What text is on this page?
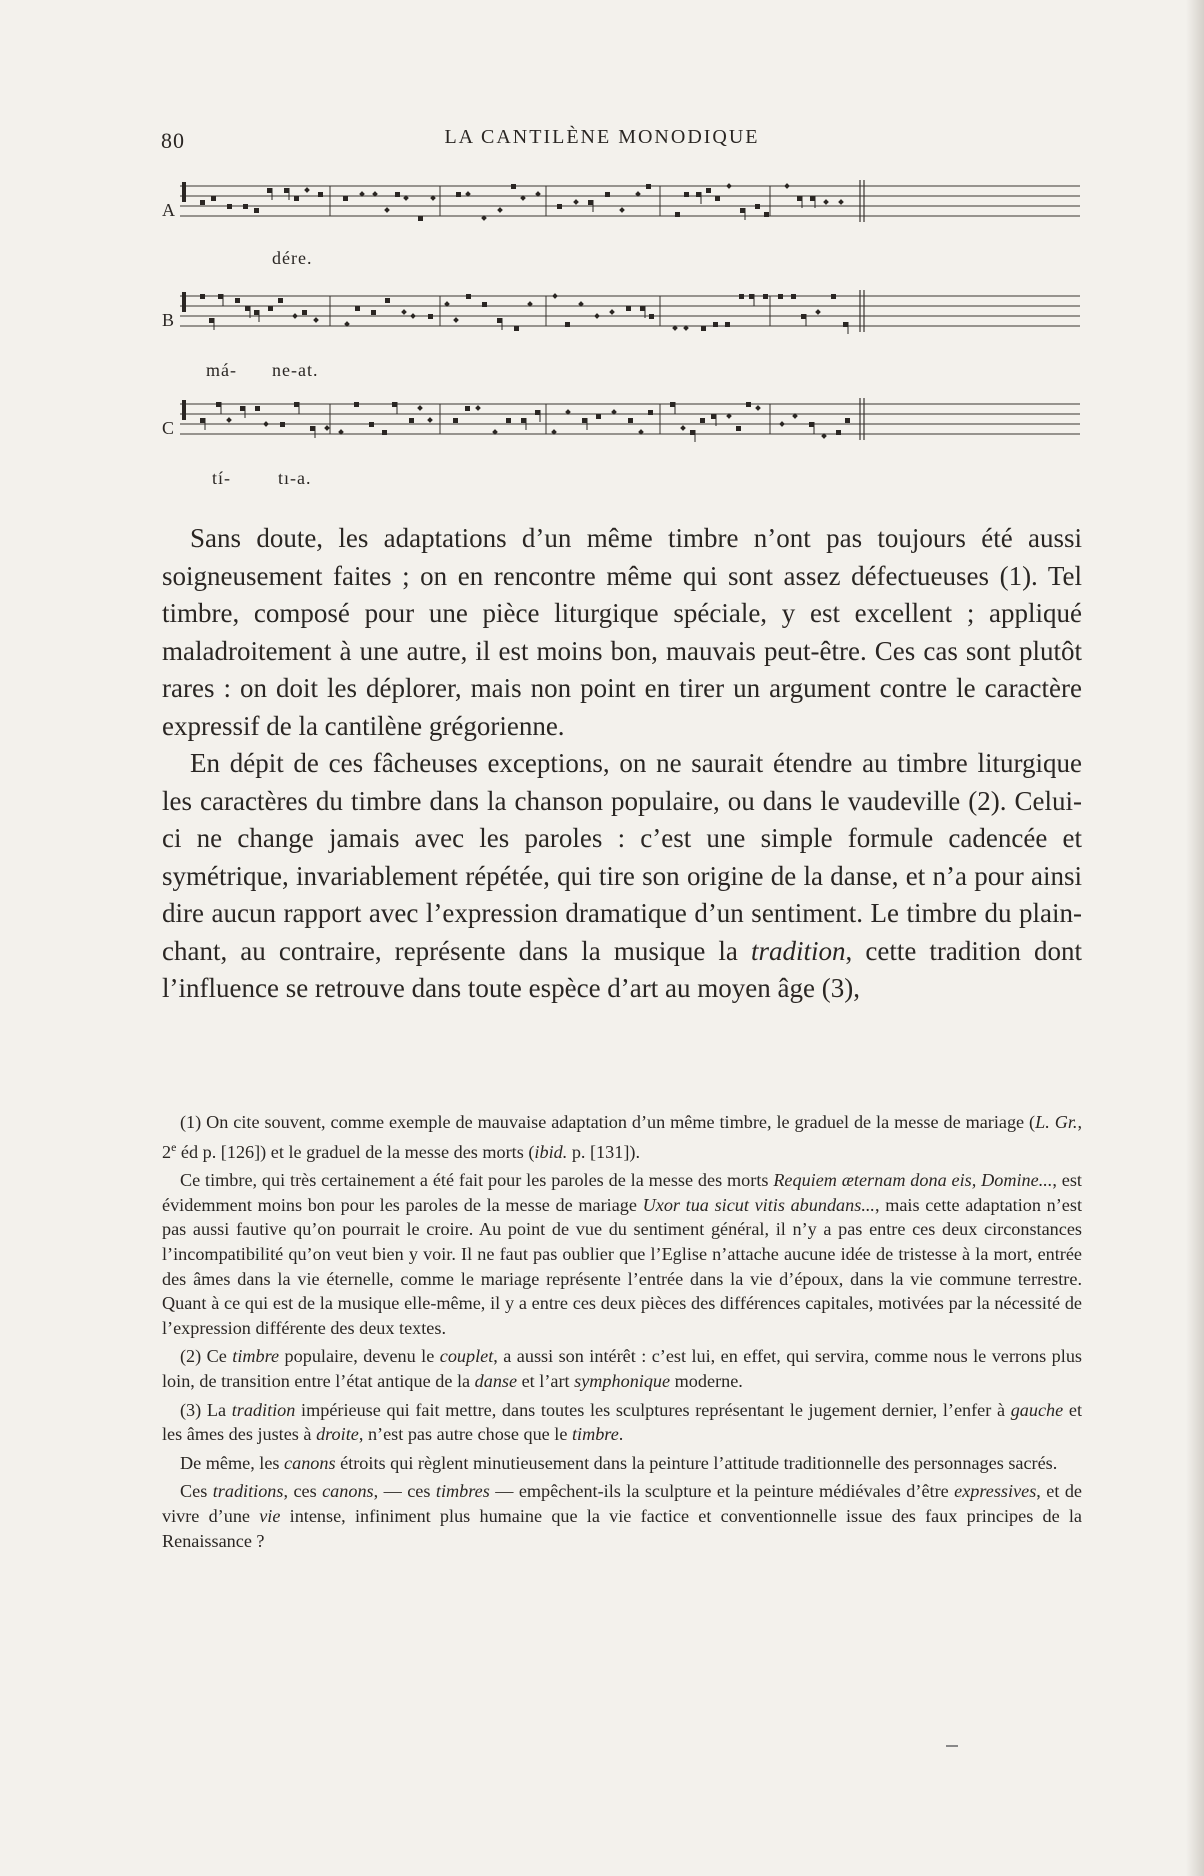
80	LA CANTILÈNE MONODIQUE
A
dére.
B
má- ne-at.
C
tí-	tı-a.

Sans doute, les adaptations d’un même timbre n’ont pas toujours été aussi soigneusement faites ; on en rencontre même qui sont assez défectueuses (1). Tel timbre, composé pour une pièce liturgique spéciale, y est excellent ; appliqué maladroitement à une autre, il est moins bon, mauvais peut-être. Ces cas sont plutôt rares : on doit les déplorer, mais non point en tirer un argument contre le caractère expressif de la cantilène grégorienne.

En dépit de ces fâcheuses exceptions, on ne saurait étendre au timbre liturgique les caractères du timbre dans la chanson populaire, ou dans le vaudeville (2). Celui-ci ne change jamais avec les paroles : c’est une simple formule cadencée et symétrique, invariablement répétée, qui tire son origine de la danse, et n’a pour ainsi dire aucun rapport avec l’expression dramatique d’un sentiment. Le timbre du plain-chant, au contraire, représente dans la musique la tradition, cette tradition dont l’influence se retrouve dans toute espèce d’art au moyen âge (3),

(1) On cite souvent, comme exemple de mauvaise adaptation d’un même timbre, le graduel de la messe de mariage (L. Gr., 2e éd p. [126]) et le graduel de la messe des morts (ibid. p. [131]).

Ce timbre, qui très certainement a été fait pour les paroles de la messe des morts Requiem æternam dona eis, Domine..., est évidemment moins bon pour les paroles de la messe de mariage Uxor tua sicut vitis abundans..., mais cette adaptation n’est pas aussi fautive qu’on pourrait le croire. Au point de vue du sentiment général, il n’y a pas entre ces deux circonstances l’incompatibilité qu’on veut bien y voir. Il ne faut pas oublier que l’Eglise n’attache aucune idée de tristesse à la mort, entrée des âmes dans la vie éternelle, comme le mariage représente l’entrée dans la vie d’époux, dans la vie commune terrestre. Quant à ce qui est de la musique elle-même, il y a entre ces deux pièces des différences capitales, motivées par la nécessité de l’expression différente des deux textes.

(2) Ce timbre populaire, devenu le couplet, a aussi son intérêt : c’est lui, en effet, qui servira, comme nous le verrons plus loin, de transition entre l’état antique de la danse et l’art symphonique moderne.

(3) La tradition impérieuse qui fait mettre, dans toutes les sculptures représentant le jugement dernier, l’enfer à gauche et les âmes des justes à droite, n’est pas autre chose que le timbre.

De même, les canons étroits qui règlent minutieusement dans la peinture l’attitude traditionnelle des personnages sacrés.

Ces traditions, ces canons, — ces timbres — empêchent-ils la sculpture et la peinture médiévales d’être expressives, et de vivre d’une vie intense, infiniment plus humaine que la vie factice et conventionnelle issue des faux principes de la Renaissance ?
